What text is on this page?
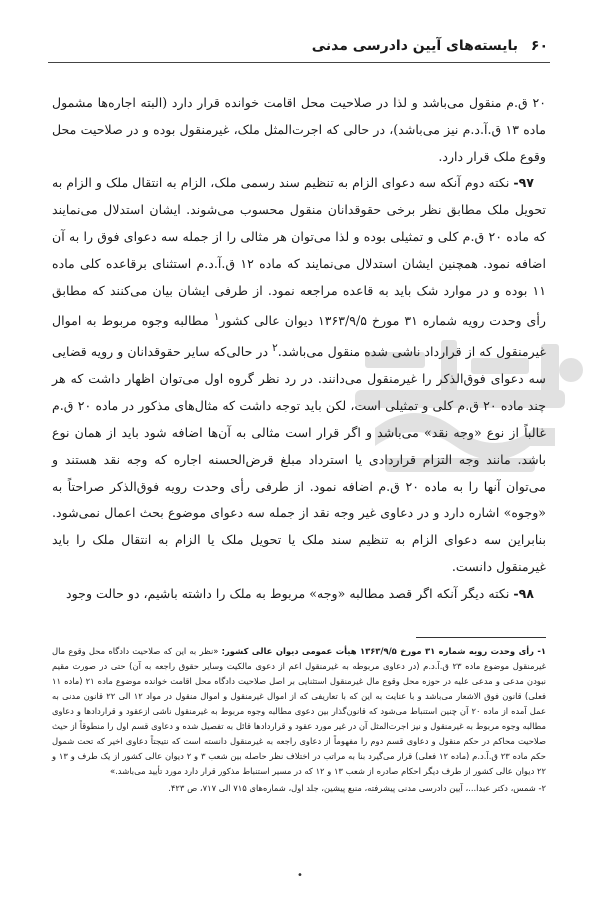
۶۰ بایسته‌های آیین دادرسی مدنی

۲۰ ق.م منقول می‌باشد و لذا در صلاحیت محل اقامت خوانده قرار دارد (البته اجاره‌ها مشمول ماده ۱۳ ق.آ.د.م نیز می‌باشد)، در حالی که اجرت‌المثل ملک، غیرمنقول بوده و در صلاحیت محل وقوع ملک قرار دارد.

۹۷- نکته دوم آنکه سه دعوای الزام به تنظیم سند رسمی ملک، الزام به انتقال ملک و الزام به تحویل ملک مطابق نظر برخی حقوقدانان منقول محسوب می‌شوند. ایشان استدلال می‌نمایند که ماده ۲۰ ق.م کلی و تمثیلی بوده و لذا می‌توان هر مثالی را از جمله سه دعوای فوق را به آن اضافه نمود. همچنین ایشان استدلال می‌نمایند که ماده ۱۲ ق.آ.د.م استثنای برقاعده کلی ماده ۱۱ بوده و در موارد شک باید به قاعده مراجعه نمود. از طرفی ایشان بیان می‌کنند که مطابق رأی وحدت رویه شماره ۳۱ مورخ ۱۳۶۳/۹/۵ دیوان عالی کشور$^۱$ مطالبه وجوه مربوط به اموال غیرمنقول که از قرارداد ناشی شده منقول می‌باشد.$^۲$ در حالی‌که سایر حقوقدانان و رویه قضایی سه دعوای فوق‌الذکر را غیرمنقول می‌دانند. در رد نظر گروه اول می‌توان اظهار داشت که هر چند ماده ۲۰ ق.م کلی و تمثیلی است، لکن باید توجه داشت که مثال‌های مذکور در ماده ۲۰ ق.م غالباً از نوع «وجه نقد» می‌باشد و اگر قرار است مثالی به آن‌ها اضافه شود باید از همان نوع باشد. مانند وجه التزام قراردادی یا استرداد مبلغ قرض‌الحسنه اجاره که وجه نقد هستند و می‌توان آنها را به ماده ۲۰ ق.م اضافه نمود. از طرفی رأی وحدت رویه فوق‌الذکر صراحتاً به «وجوه» اشاره دارد و در دعاوی غیر وجه نقد از جمله سه دعوای موضوع بحث اعمال نمی‌شود. بنابراین سه دعوای الزام به تنظیم سند ملک یا تحویل ملک یا الزام به انتقال ملک را باید غیرمنقول دانست.

۹۸- نکته دیگر آنکه اگر قصد مطالبه «وجه» مربوط به ملک را داشته باشیم، دو حالت وجود

۱- رأی وحدت رویه شماره ۳۱ مورخ ۱۳۶۳/۹/۵ هیأت عمومی دیوان عالی کشور: «نظر به این که صلاحیت دادگاه محل وقوع مال غیرمنقول موضوع ماده ۲۳ ق.آ.د.م (در دعاوی مربوطه به غیرمنقول اعم از دعوی مالکیت وسایر حقوق راجعه به آن) حتی در صورت مقیم نبودن مدعی و مدعی علیه در حوزه محل وقوع مال غیرمنقول استثنایی بر اصل صلاحیت دادگاه محل اقامت خوانده موضوع ماده ۲۱ (ماده ۱۱ فعلی) قانون فوق الاشعار می‌باشد و با عنایت به این که با تعاریفی که از اموال غیرمنقول و اموال منقول در مواد ۱۲ الی ۲۲ قانون مدنی به عمل آمده از ماده ۲۰ آن چنین استنباط می‌شود که قانون‌گذار بین دعوی مطالبه وجوه مربوط به غیرمنقول ناشی ازعقود و قراردادها و دعاوی مطالبه وجوه مربوط به غیرمنقول و نیز اجرت‌المثل آن در غیر مورد عقود و قراردادها قائل به تفصیل شده و دعاوی قسم اول را منطوقاً از حیث صلاحیت محاکم در حکم منقول و دعاوی قسم دوم را مفهوماً از دعاوی راجعه به غیرمنقول دانسته است که نتیجتاً دعاوی اخیر که تحت شمول حکم ماده ۲۳ ق.آ.د.م (ماده ۱۲ فعلی) قرار می‌گیرد بنا به مراتب در اختلاف نظر حاصله بین شعب ۳ و ۲ دیوان عالی کشور از یک طرف و ۱۳ و ۲۲ دیوان عالی کشور از طرف دیگر احکام صادره از شعب ۱۳ و ۱۲ که در مسیر استنباط مذکور قرار دارد مورد تأیید می‌باشد.»

۲- شمس، دکتر عبدا...، آیین دادرسی مدنی پیشرفته، منبع پیشین، جلد اول، شماره‌های ۷۱۵ الی ۷۱۷، ص ۴۲۳.

•
